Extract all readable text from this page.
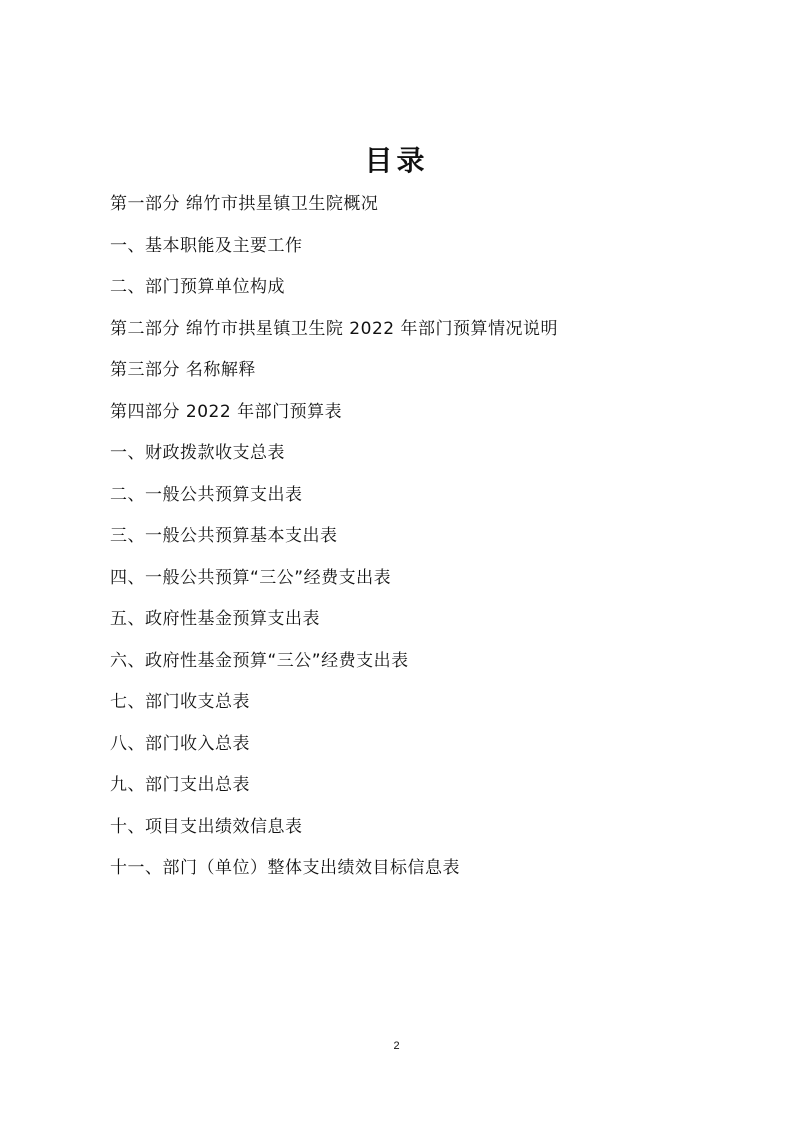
目录
第一部分 绵竹市拱星镇卫生院概况
一、基本职能及主要工作
二、部门预算单位构成
第二部分 绵竹市拱星镇卫生院 2022 年部门预算情况说明
第三部分 名称解释
第四部分 2022 年部门预算表
一、财政拨款收支总表
二、一般公共预算支出表
三、一般公共预算基本支出表
四、一般公共预算“三公”经费支出表
五、政府性基金预算支出表
六、政府性基金预算“三公”经费支出表
七、部门收支总表
八、部门收入总表
九、部门支出总表
十、项目支出绩效信息表
十一、部门（单位）整体支出绩效目标信息表
2
